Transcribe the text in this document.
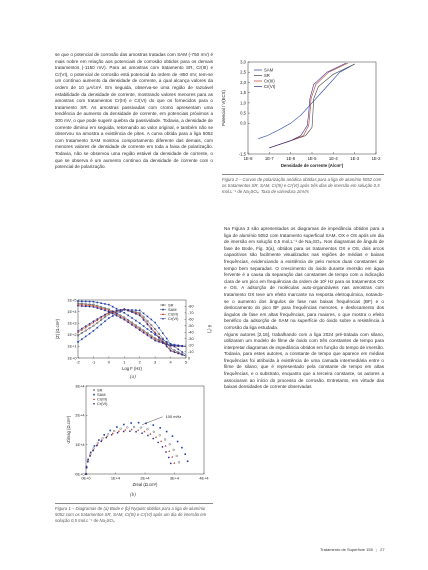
se que o potencial de corrosão das amostras tratadas com SAM (-750 mV) é mais nobre em relação aos potenciais de corrosão obtidos para os demais tratamentos (-1150 mV). Para as amostras com tratamento SR, Cr(III) e Cr(VI), o potencial de corrosão está potencial da ordem de -850 mV, tem-se um contínuo aumento da densidade de corrente, a qual alcança valores da ordem de 10 μA/cm². Em seguida, observa-se uma região de razoável estabilidade da densidade de corrente, mostrando valores menores para as amostras com tratamentos Cr(III) e Cr(VI) do que os fornecidos para o tratamento SR. As amostras passivadas com cromo apresentam uma tendência de aumento da densidade de corrente, em potenciais próximos a 300 mV, o que pode sugerir quebra da passividade. Todavia, a densidade de corrente diminui em seguida, retornando ao valor original, e também não se observou na amostra a existência de pites. A curva obtida para a liga 5052 com tratamento SAM mostrou comportamento diferente das demais, com menores valores de densidade de corrente em toda a faixa de polarização. Todavia, não se observou uma região estável da densidade de corrente, o que se observa é um aumento contínuo da densidade de corrente com o potencial de polarização.

1E-8	1E-7	1E-6	1E-5	1E-4	1E-3	1E-2
-1,5
0,0
0,5
1,0
1,5
2,0
2,5
3,0
Densidade de corrente (A/cm²)
Potencial / V(ECS)
SAM
SR
Cr(III)
Cr(VI)
Figura 2 – Curvas de polarização anódica obtidas para a liga de alumínio 5052 com os tratamentos SR, SAM, Cr(III) e Cr(VI) após três dias de imersão em solução 0,5 mol.L⁻¹ de Na₂SO₄. Taxa de varredura 1mV/s

Na Figura 3 são apresentados os diagramas de impedância obtidos para a liga de alumínio 5052 com tratamento superficial SAM, OX e OS após um dia de imersão em solução 0,5 mol.L⁻¹ de Na₂SO₄. Nos diagramas de ângulo de fase de Bode, Fig. 3(a), obtidos para os tratamentos OX e OS, dois arcos capacitivos são facilmente visualizados nas regiões de médias e baixas frequências, evidenciando a existência de pelo menos duas constantes de tempo bem separadas. O crescimento do óxido durante imersão em água fervente é a causa da separação das constantes de tempo com a indicação clara de um pico em frequências da ordem de 10² Hz para os tratamentos OX e OS. A adsorção de moléculas auto-organizáveis nas amostras com tratamento OX teve um efeito marcante na resposta eletroquímica, notando-se o aumento dos ângulos de fase nas baixas frequências (BF) e o deslocamento do pico BF para frequências menores, e deslocamento dos ângulos de fase em altas frequências, para maiores, o que mostra o efeito benéfico da adsorção de SAM na superfície do óxido sobre a resistência à corrosão da liga estudada.

Alguns autores [2,16], trabalhando com a liga 2024 pré-tratada com silano, utilizaram um modelo de filme de óxido com três constantes de tempo para interpretar diagramas de impedância obtidos em função do tempo de imersão. Todavia, para estes autores, a constante de tempo que aparece em médias frequências foi atribuída à existência de uma camada intermediária entre o filme de silano, que é representado pela constante de tempo em altas frequências, e o substrato, enquanto que a terceira constante, os autores a associaram ao início do processo de corrosão. Entretanto, em virtude das baixas densidades de corrente observadas

-2	-1	0	1	2	3	4	5
1E+0
1E+1
1E+2
1E+3
1E+4
1E+5
-80
-70
-60
-50
-40
-30
-20
-10
0
Log F (Hz)
|Z| (Ω.cm²)	θ (°)
SR
SAM
Cr(III)
Cr(VI)
(a)
0E+0	1E+4	2E+4	3E+4	4E+4
0E+0
1E+4
2E+4
3E+4
Zreal (Ω.cm²)
-Zimag (Ω.cm²)	100 mHz
SR
SAM
Cr(III)
Cr(VI)
(b)
Figura 1 – Diagramas de (a) Bode e (b) Nyquist obtidos para a liga de alumínio 5052 com os tratamentos SR, SAM, Cr(III) e Cr(VI) após um dia de imersão em solução 0,5 mol.L⁻¹ de Na₂SO₄
Tratamento de Superfície 155 | 27
